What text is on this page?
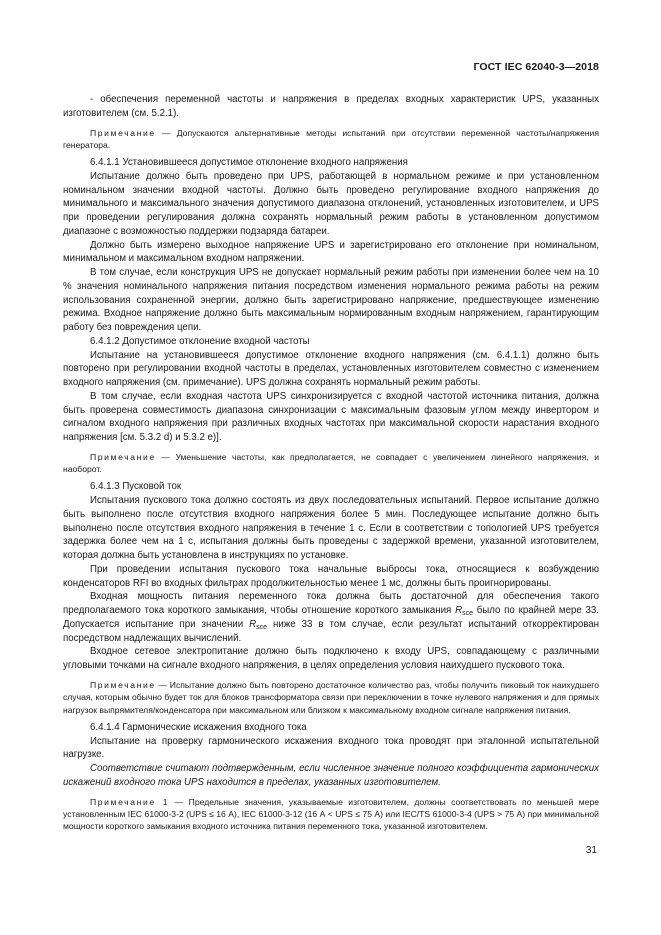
ГОСТ IEC 62040-3—2018

- обеспечения переменной частоты и напряжения в пределах входных характеристик UPS, указанных изготовителем (см. 5.2.1).

Примечание — Допускаются альтернативные методы испытаний при отсутствии переменной частоты/напряжения генератора.

6.4.1.1 Установившееся допустимое отклонение входного напряжения

Испытание должно быть проведено при UPS, работающей в нормальном режиме и при установленном номинальном значении входной частоты. Должно быть проведено регулирование входного напряжения до минимального и максимального значения допустимого диапазона отклонений, установленных изготовителем, и UPS при проведении регулирования должна сохранять нормальный режим работы в установленном допустимом диапазоне с возможностью поддержки подзаряда батареи.

Должно быть измерено выходное напряжение UPS и зарегистрировано его отклонение при номинальном, минимальном и максимальном входном напряжении.

В том случае, если конструкция UPS не допускает нормальный режим работы при изменении более чем на 10 % значения номинального напряжения питания посредством изменения нормального режима работы на режим использования сохраненной энергии, должно быть зарегистрировано напряжение, предшествующее изменению режима. Входное напряжение должно быть максимальным нормированным входным напряжением, гарантирующим работу без повреждения цепи.

6.4.1.2 Допустимое отклонение входной частоты

Испытание на установившееся допустимое отклонение входного напряжения (см. 6.4.1.1) должно быть повторено при регулировании входной частоты в пределах, установленных изготовителем совместно с изменением входного напряжения (см. примечание). UPS должна сохранять нормальный режим работы.

В том случае, если входная частота UPS синхронизируется с входной частотой источника питания, должна быть проверена совместимость диапазона синхронизации с максимальным фазовым углом между инвертором и сигналом входного напряжения при различных входных частотах при максимальной скорости нарастания входного напряжения [см. 5.3.2 d) и 5.3.2 e)].

Примечание — Уменьшение частоты, как предполагается, не совпадает с увеличением линейного напряжения, и наоборот.

6.4.1.3 Пусковой ток

Испытания пускового тока должно состоять из двух последовательных испытаний. Первое испытание должно быть выполнено после отсутствия входного напряжения более 5 мин. Последующее испытание должно быть выполнено после отсутствия входного напряжения в течение 1 с. Если в соответствии с топологией UPS требуется задержка более чем на 1 с, испытания должны быть проведены с задержкой времени, указанной изготовителем, которая должна быть установлена в инструкциях по установке.

При проведении испытания пускового тока начальные выбросы тока, относящиеся к возбуждению конденсаторов RFI во входных фильтрах продолжительностью менее 1 мс, должны быть проигнорированы.

Входная мощность питания переменного тока должна быть достаточной для обеспечения такого предполагаемого тока короткого замыкания, чтобы отношение короткого замыкания $R_{sce}$ было по крайней мере 33. Допускается испытание при значении $R_{sce}$ ниже 33 в том случае, если результат испытаний откорректирован посредством надлежащих вычислений.

Входное сетевое электропитание должно быть подключено к входу UPS, совпадающему с различными угловыми точками на сигнале входного напряжения, в целях определения условия наихудшего пускового тока.

Примечание — Испытание должно быть повторено достаточное количество раз, чтобы получить пиковый ток наихудшего случая, которым обычно будет ток для блоков трансформатора связи при переключении в точке нулевого напряжения и для прямых нагрузок выпрямителя/конденсатора при максимальном или близком к максимальному входном сигнале напряжения питания.

6.4.1.4 Гармонические искажения входного тока

Испытание на проверку гармонического искажения входного тока проводят при эталонной испытательной нагрузке.

Соответствие считают подтвержденным, если численное значение полного коэффициента гармонических искажений входного тока UPS находится в пределах, указанных изготовителем.

Примечание 1 — Предельные значения, указываемые изготовителем, должны соответствовать по меньшей мере установленным IEC 61000-3-2 (UPS ≤ 16 А), IEC 61000-3-12 (16 А < UPS ≤ 75 А) или IEC/TS 61000-3-4 (UPS > 75 А) при минимальной мощности короткого замыкания входного источника питания переменного тока, указанной изготовителем.

31
